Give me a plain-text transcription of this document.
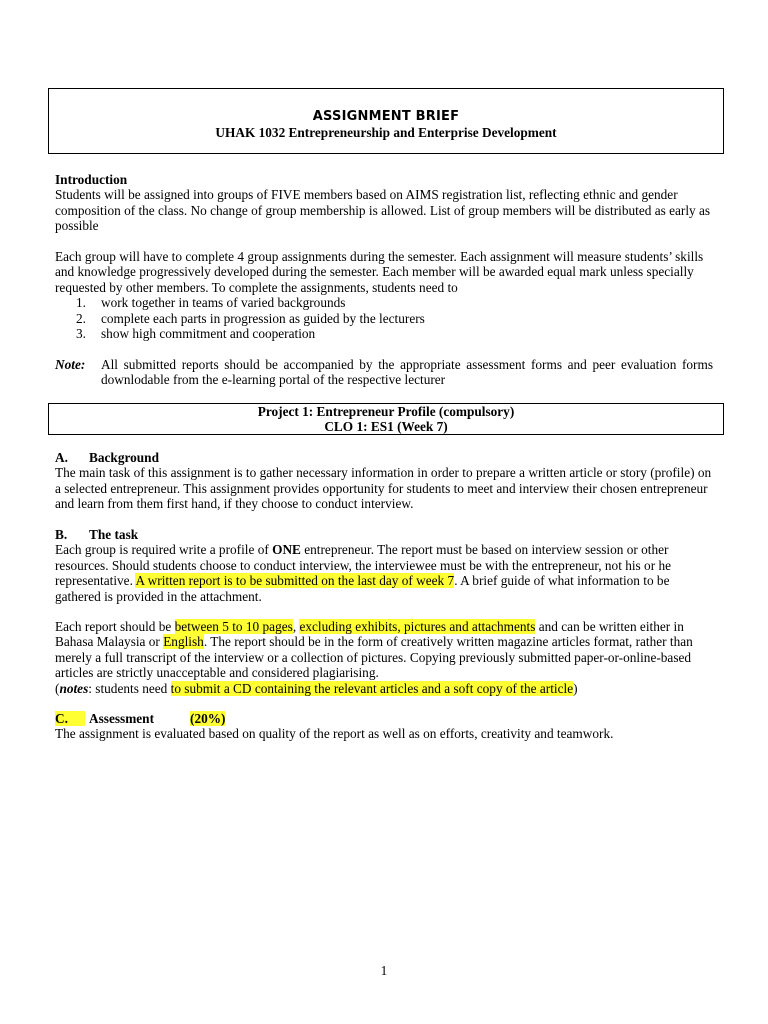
ASSIGNMENT BRIEF
UHAK 1032 Entrepreneurship and Enterprise Development

Introduction

Students will be assigned into groups of FIVE members based on AIMS registration list, reflecting ethnic and gender composition of the class. No change of group membership is allowed. List of group members will be distributed as early as possible

Each group will have to complete 4 group assignments during the semester. Each assignment will measure students’ skills and knowledge progressively developed during the semester. Each member will be awarded equal mark unless specially requested by other members. To complete the assignments, students need to

1. work together in teams of varied backgrounds
2. complete each parts in progression as guided by the lecturers
3. show high commitment and cooperation
Note:	All submitted reports should be accompanied by the appropriate assessment forms and peer evaluation forms downlodable from the e-learning portal of the respective lecturer
Project 1: Entrepreneur Profile (compulsory)
CLO 1: ES1 (Week 7)

A. Background

The main task of this assignment is to gather necessary information in order to prepare a written article or story (profile) on a selected entrepreneur. This assignment provides opportunity for students to meet and interview their chosen entrepreneur and learn from them first hand, if they choose to conduct interview.

B. The task

Each group is required write a profile of ONE entrepreneur. The report must be based on interview session or other resources. Should students choose to conduct interview, the interviewee must be with the entrepreneur, not his or he representative. A written report is to be submitted on the last day of week 7. A brief guide of what information to be gathered is provided in the attachment.

Each report should be between 5 to 10 pages, excluding exhibits, pictures and attachments and can be written either in Bahasa Malaysia or English. The report should be in the form of creatively written magazine articles format, rather than merely a full transcript of the interview or a collection of pictures. Copying previously submitted paper-or-online-based articles are strictly unacceptable and considered plagiarising.

(notes: students need to submit a CD containing the relevant articles and a soft copy of the article)

C. Assessment	(20%)

The assignment is evaluated based on quality of the report as well as on efforts, creativity and teamwork.

1
